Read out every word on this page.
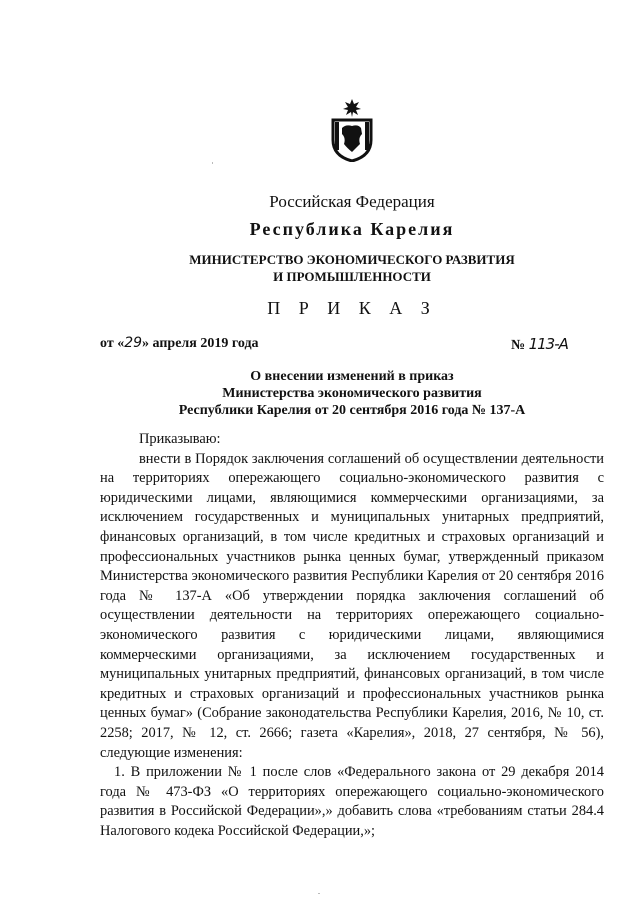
Российская Федерация
Республика Карелия
МИНИСТЕРСТВО ЭКОНОМИЧЕСКОГО РАЗВИТИЯ
И ПРОМЫШЛЕННОСТИ
П Р И К А З
от «29» апреля 2019 года	№ 113-А
О внесении изменений в приказ
Министерства экономического развития
Республики Карелия от 20 сентября 2016 года № 137-А

Приказываю:

внести в Порядок заключения соглашений об осуществлении деятельности на территориях опережающего социально-экономического развития с юридическими лицами, являющимися коммерческими организациями, за исключением государственных и муниципальных унитарных предприятий, финансовых организаций, в том числе кредитных и страховых организаций и профессиональных участников рынка ценных бумаг, утвержденный приказом Министерства экономического развития Республики Карелия от 20 сентября 2016 года № 137-А «Об утверждении порядка заключения соглашений об осуществлении деятельности на территориях опережающего социально-экономического развития с юридическими лицами, являющимися коммерческими организациями, за исключением государственных и муниципальных унитарных предприятий, финансовых организаций, в том числе кредитных и страховых организаций и профессиональных участников рынка ценных бумаг» (Собрание законодательства Республики Карелия, 2016, № 10, ст. 2258; 2017, № 12, ст. 2666; газета «Карелия», 2018, 27 сентября, № 56), следующие изменения:

1. В приложении № 1 после слов «Федерального закона от 29 декабря 2014 года № 473-ФЗ «О территориях опережающего социально-экономического развития в Российской Федерации»,» добавить слова «требованиям статьи 284.4 Налогового кодека Российской Федерации,»;
